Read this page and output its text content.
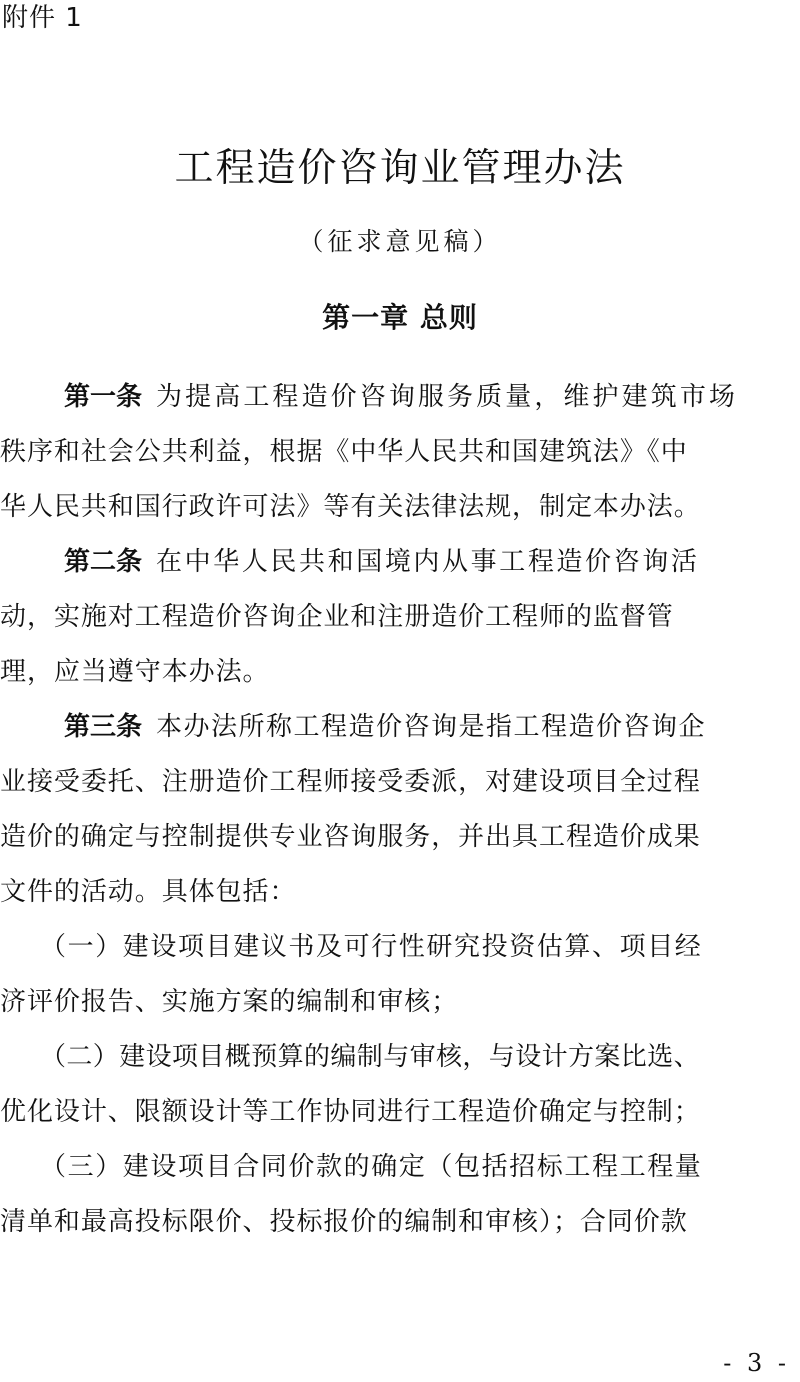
附件 1
工程造价咨询业管理办法
（征求意见稿）
第一章 总则

第一条 为提高工程造价咨询服务质量，维护建筑市场
秩序和社会公共利益，根据《中华人民共和国建筑法》《中
华人民共和国行政许可法》等有关法律法规，制定本办法。

第二条 在中华人民共和国境内从事工程造价咨询活
动，实施对工程造价咨询企业和注册造价工程师的监督管
理，应当遵守本办法。

第三条 本办法所称工程造价咨询是指工程造价咨询企
业接受委托、注册造价工程师接受委派，对建设项目全过程
造价的确定与控制提供专业咨询服务，并出具工程造价成果
文件的活动。具体包括：

（一）建设项目建议书及可行性研究投资估算、项目经
济评价报告、实施方案的编制和审核；

（二）建设项目概预算的编制与审核，与设计方案比选、
优化设计、限额设计等工作协同进行工程造价确定与控制；

（三）建设项目合同价款的确定（包括招标工程工程量
清单和最高投标限价、投标报价的编制和审核）；合同价款

- 3 -
